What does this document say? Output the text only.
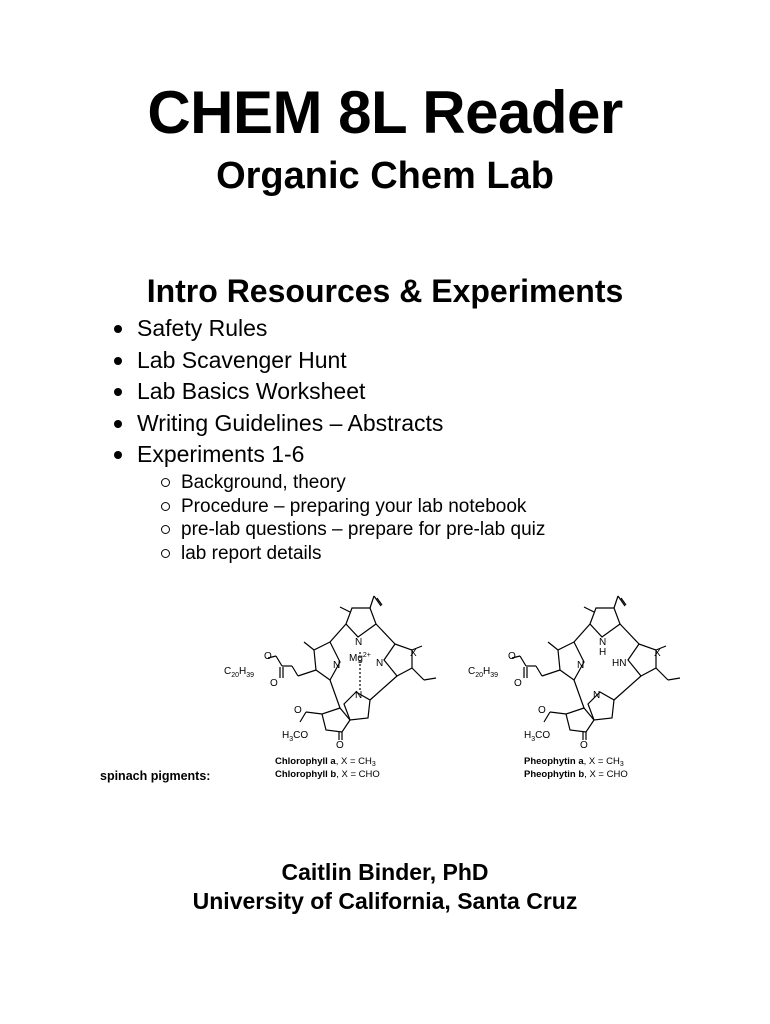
CHEM 8L Reader
Organic Chem Lab
Intro Resources & Experiments
Safety Rules
Lab Scavenger Hunt
Lab Basics Worksheet
Writing Guidelines – Abstracts
Experiments 1-6
Background, theory
Procedure – preparing your lab notebook
pre-lab questions – prepare for pre-lab quiz
lab report details
N
N	N
N
$Mg^{2+}$	X
O
O
O
O
$C_{20}H_{39}$
$H_3CO$
Chlorophyll a, $X = CH_3$
Chlorophyll b, X = CHO
N
H
N	HN
N
X
O
O
O
O
$C_{20}H_{39}$
$H_3CO$
Pheophytin a, $X = CH_3$
Pheophytin b, X = CHO
spinach pigments:

Caitlin Binder, PhD

University of California, Santa Cruz
